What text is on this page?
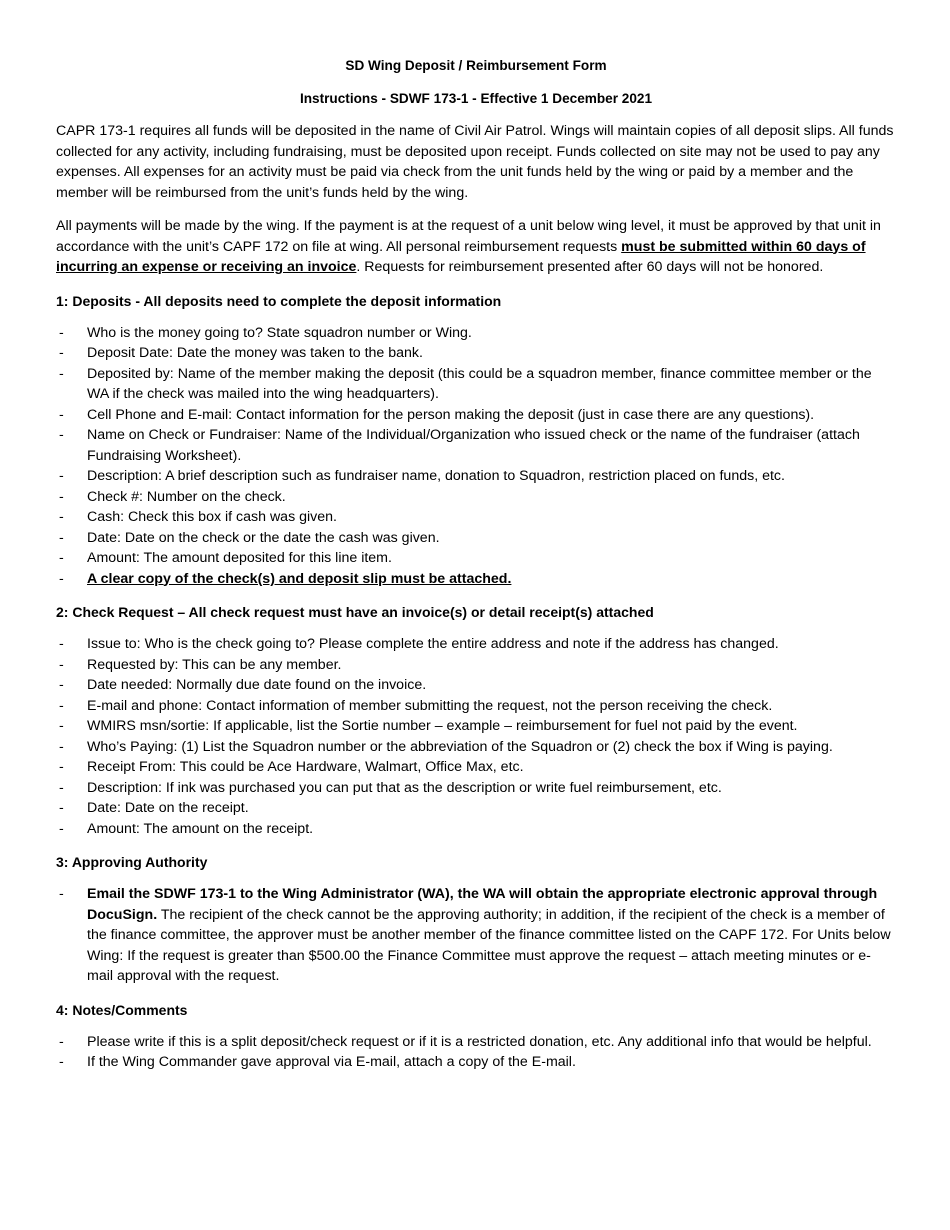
SD Wing Deposit / Reimbursement Form
Instructions - SDWF 173-1 - Effective 1 December 2021

CAPR 173-1 requires all funds will be deposited in the name of Civil Air Patrol. Wings will maintain copies of all deposit slips. All funds collected for any activity, including fundraising, must be deposited upon receipt. Funds collected on site may not be used to pay any expenses. All expenses for an activity must be paid via check from the unit funds held by the wing or paid by a member and the member will be reimbursed from the unit’s funds held by the wing.

All payments will be made by the wing. If the payment is at the request of a unit below wing level, it must be approved by that unit in accordance with the unit’s CAPF 172 on file at wing. All personal reimbursement requests must be submitted within 60 days of incurring an expense or receiving an invoice. Requests for reimbursement presented after 60 days will not be honored.

1: Deposits - All deposits need to complete the deposit information
- Who is the money going to? State squadron number or Wing.
- Deposit Date: Date the money was taken to the bank.
- Deposited by: Name of the member making the deposit (this could be a squadron member, finance committee member or the WA if the check was mailed into the wing headquarters).
- Cell Phone and E-mail: Contact information for the person making the deposit (just in case there are any questions).
- Name on Check or Fundraiser: Name of the Individual/Organization who issued check or the name of the fundraiser (attach Fundraising Worksheet).
- Description: A brief description such as fundraiser name, donation to Squadron, restriction placed on funds, etc.
- Check #: Number on the check.
- Cash: Check this box if cash was given.
- Date: Date on the check or the date the cash was given.
- Amount: The amount deposited for this line item.
- A clear copy of the check(s) and deposit slip must be attached.
2: Check Request – All check request must have an invoice(s) or detail receipt(s) attached
- Issue to: Who is the check going to? Please complete the entire address and note if the address has changed.
- Requested by: This can be any member.
- Date needed: Normally due date found on the invoice.
- E-mail and phone: Contact information of member submitting the request, not the person receiving the check.
- WMIRS msn/sortie: If applicable, list the Sortie number – example – reimbursement for fuel not paid by the event.
- Who’s Paying: (1) List the Squadron number or the abbreviation of the Squadron or (2) check the box if Wing is paying.
- Receipt From: This could be Ace Hardware, Walmart, Office Max, etc.
- Description: If ink was purchased you can put that as the description or write fuel reimbursement, etc.
- Date: Date on the receipt.
- Amount: The amount on the receipt.
3: Approving Authority
- Email the SDWF 173-1 to the Wing Administrator (WA), the WA will obtain the appropriate electronic approval through DocuSign. The recipient of the check cannot be the approving authority; in addition, if the recipient of the check is a member of the finance committee, the approver must be another member of the finance committee listed on the CAPF 172. For Units below Wing: If the request is greater than $500.00 the Finance Committee must approve the request – attach meeting minutes or e-mail approval with the request.
4: Notes/Comments
- Please write if this is a split deposit/check request or if it is a restricted donation, etc. Any additional info that would be helpful.
- If the Wing Commander gave approval via E-mail, attach a copy of the E-mail.
